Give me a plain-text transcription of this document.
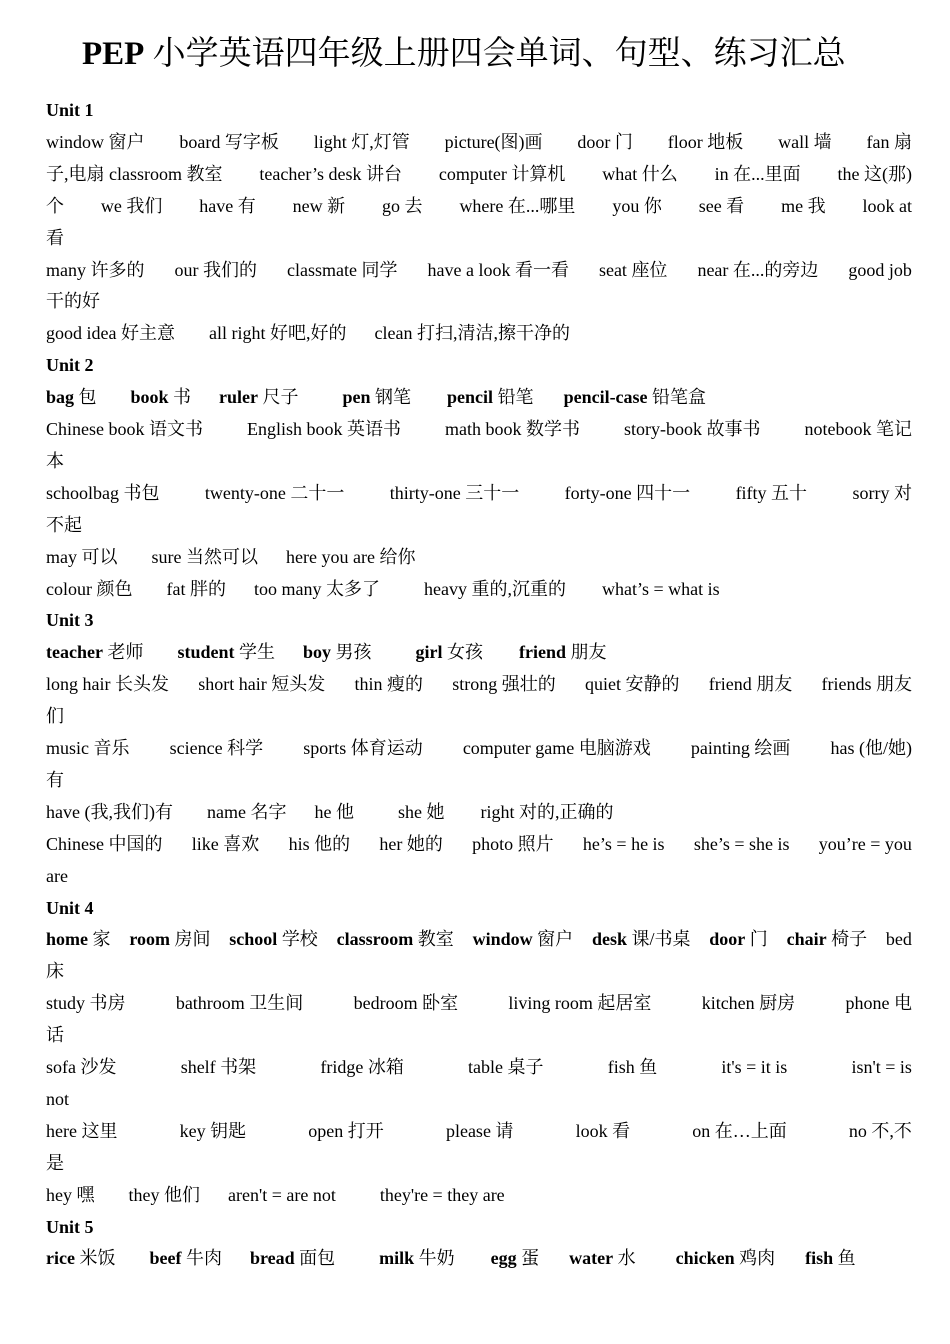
PEP 小学英语四年级上册四会单词、句型、练习汇总
Unit 1
window 窗户 board 写字板 light 灯,灯管 picture(图)画 door 门 floor 地板 wall 墙 fan 扇
子,电扇 classroom 教室 teacher’s desk 讲台 computer 计算机 what 什么 in 在...里面 the 这(那)
个 we 我们 have 有 new 新 go 去 where 在...哪里 you 你 see 看 me 我 look at
看
many 许多的 our 我们的 classmate 同学 have a look 看一看 seat 座位 near 在...的旁边 good job
干的好
good idea 好主意 all right 好吧,好的 clean 打扫,清洁,擦干净的
Unit 2
bag 包 book 书 ruler 尺子 pen 钢笔 pencil 铅笔 pencil-case 铅笔盒
Chinese book 语文书 English book 英语书 math book 数学书 story-book 故事书 notebook 笔记
本
schoolbag 书包	twenty-one 二十一	thirty-one 三十一	forty-one 四十一	fifty 五十	sorry 对
不起
may 可以 sure 当然可以 here you are 给你
colour 颜色 fat 胖的 too many 太多了 heavy 重的,沉重的 what’s = what is
Unit 3
teacher 老师 student 学生 boy 男孩 girl 女孩 friend 朋友
long hair 长头发 short hair 短头发 thin 瘦的 strong 强壮的 quiet 安静的 friend 朋友 friends 朋友
们
music 音乐 science 科学 sports 体育运动 computer game 电脑游戏 painting 绘画 has (他/她)
有
have (我,我们)有 name 名字 he 他 she 她 right 对的,正确的
Chinese 中国的 like 喜欢 his 他的 her 她的 photo 照片 he’s = he is she’s = she is you’re = you
are
Unit 4
home 家 room 房间 school 学校 classroom 教室 window 窗户 desk 课/书桌 door 门 chair 椅子 bed
床
study 书房	bathroom 卫生间	bedroom 卧室	living room 起居室	kitchen 厨房	phone 电
话
sofa 沙发	shelf 书架	fridge 冰箱	table 桌子	fish 鱼	it's = it is	isn't = is
not
here 这里	key 钥匙	open 打开	please 请	look 看	on 在…上面	no 不,不
是
hey 嘿 they 他们 aren't = are not they're = they are
Unit 5
rice 米饭 beef 牛肉 bread 面包 milk 牛奶 egg 蛋 water 水 chicken 鸡肉 fish 鱼
